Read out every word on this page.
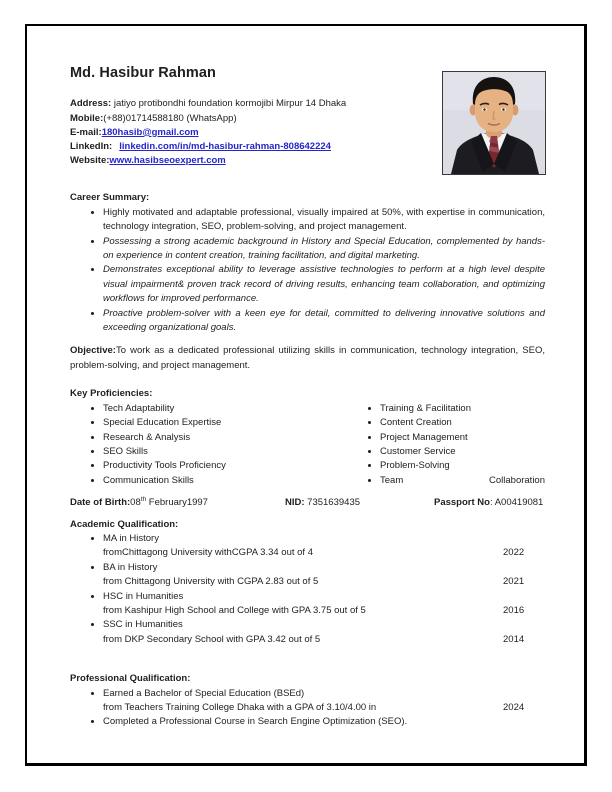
Md. Hasibur Rahman
Address: jatiyo protibondhi foundation kormojibi Mirpur 14 Dhaka
Mobile:(+88)01714588180 (WhatsApp)
E-mail:180hasib@gmail.com
LinkedIn: linkedin.com/in/md-hasibur-rahman-808642224
Website:www.hasibseoexpert.com
Career Summary:
• Highly motivated and adaptable professional, visually impaired at 50%, with expertise in communication, technology integration, SEO, problem-solving, and project management.
• Possessing a strong academic background in History and Special Education, complemented by hands-on experience in content creation, training facilitation, and digital marketing.
• Demonstrates exceptional ability to leverage assistive technologies to perform at a high level despite visual impairment& proven track record of driving results, enhancing team collaboration, and optimizing workflows for improved performance.
• Proactive problem-solver with a keen eye for detail, committed to delivering innovative solutions and exceeding organizational goals.
Objective:To work as a dedicated professional utilizing skills in communication, technology integration, SEO, problem-solving, and project management.
Key Proficiencies:
• Tech Adaptability
• Special Education Expertise
• Research & Analysis
• SEO Skills
• Productivity Tools Proficiency
• Communication Skills
• Training & Facilitation
• Content Creation
• Project Management
• Customer Service
• Problem-Solving
• Team	Collaboration
Date of Birth:08th February1997	NID: 7351639435	Passport No: A00419081
Academic Qualification:
• MA in History
fromChittagong University withCGPA 3.34 out of 4	2022
• BA in History
from Chittagong University with CGPA 2.83 out of 5	2021
• HSC in Humanities
from Kashipur High School and College with GPA 3.75 out of 5	2016
• SSC in Humanities
from DKP Secondary School with GPA 3.42 out of 5	2014
Professional Qualification:
• Earned a Bachelor of Special Education (BSEd)
from Teachers Training College Dhaka with a GPA of 3.10/4.00 in	2024
• Completed a Professional Course in Search Engine Optimization (SEO).
